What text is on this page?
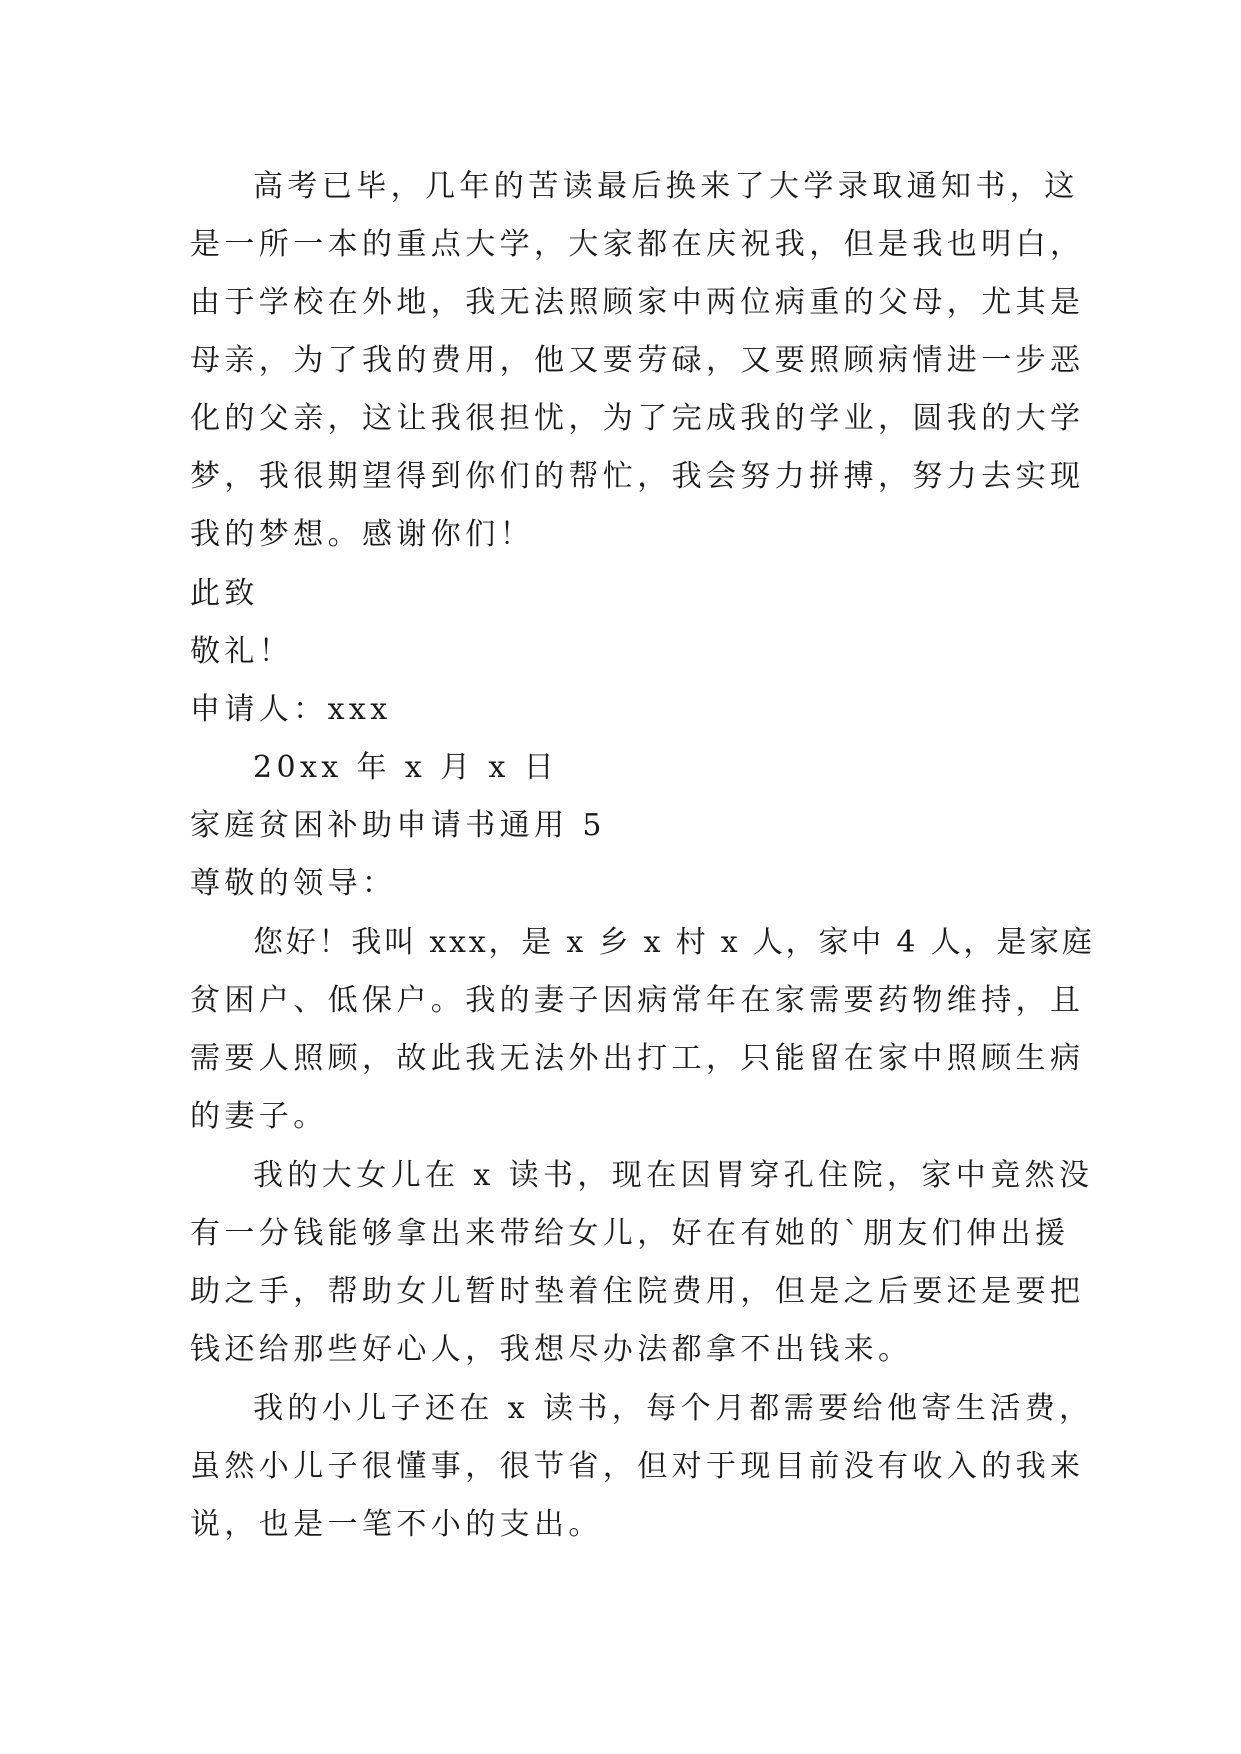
高考已毕，几年的苦读最后换来了大学录取通知书，这
是一所一本的重点大学，大家都在庆祝我，但是我也明白，
由于学校在外地，我无法照顾家中两位病重的父母，尤其是
母亲，为了我的费用，他又要劳碌，又要照顾病情进一步恶
化的父亲，这让我很担忧，为了完成我的学业，圆我的大学
梦，我很期望得到你们的帮忙，我会努力拼搏，努力去实现
我的梦想。感谢你们！
此致
敬礼！
申请人：xxx
20xx 年 x 月 x 日
家庭贫困补助申请书通用 5
尊敬的领导：
您好！我叫 xxx，是 x 乡 x 村 x 人，家中 4 人，是家庭
贫困户、低保户。我的妻子因病常年在家需要药物维持，且
需要人照顾，故此我无法外出打工，只能留在家中照顾生病
的妻子。
我的大女儿在 x 读书，现在因胃穿孔住院，家中竟然没
有一分钱能够拿出来带给女儿，好在有她的`朋友们伸出援
助之手，帮助女儿暂时垫着住院费用，但是之后要还是要把
钱还给那些好心人，我想尽办法都拿不出钱来。
我的小儿子还在 x 读书，每个月都需要给他寄生活费，
虽然小儿子很懂事，很节省，但对于现目前没有收入的我来
说，也是一笔不小的支出。
